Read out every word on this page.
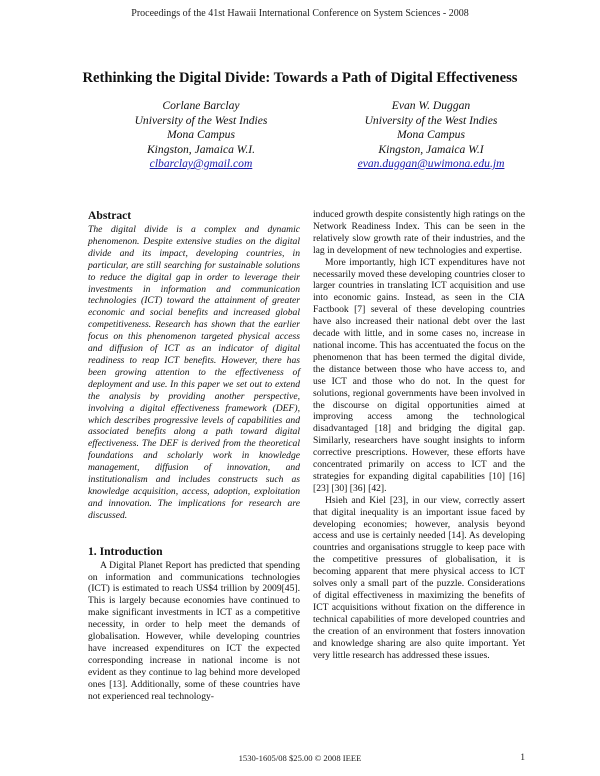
Proceedings of the 41st Hawaii International Conference on System Sciences - 2008
Rethinking the Digital Divide: Towards a Path of Digital Effectiveness
Corlane Barclay
University of the West Indies
Mona Campus
Kingston, Jamaica W.I.
clbarclay@gmail.com
Evan W. Duggan
University of the West Indies
Mona Campus
Kingston, Jamaica W.I
evan.duggan@uwimona.edu.jm
Abstract

The digital divide is a complex and dynamic phenomenon. Despite extensive studies on the digital divide and its impact, developing countries, in particular, are still searching for sustainable solutions to reduce the digital gap in order to leverage their investments in information and communication technologies (ICT) toward the attainment of greater economic and social benefits and increased global competitiveness. Research has shown that the earlier focus on this phenomenon targeted physical access and diffusion of ICT as an indicator of digital readiness to reap ICT benefits. However, there has been growing attention to the effectiveness of deployment and use. In this paper we set out to extend the analysis by providing another perspective, involving a digital effectiveness framework (DEF), which describes progressive levels of capabilities and associated benefits along a path toward digital effectiveness. The DEF is derived from the theoretical foundations and scholarly work in knowledge management, diffusion of innovation, and institutionalism and includes constructs such as knowledge acquisition, access, adoption, exploitation and innovation. The implications for research are discussed.

1. Introduction

A Digital Planet Report has predicted that spending on information and communications technologies (ICT) is estimated to reach US$4 trillion by 2009[45]. This is largely because economies have continued to make significant investments in ICT as a competitive necessity, in order to help meet the demands of globalisation. However, while developing countries have increased expenditures on ICT the expected corresponding increase in national income is not evident as they continue to lag behind more developed ones [13]. Additionally, some of these countries have not experienced real technology-

induced growth despite consistently high ratings on the Network Readiness Index. This can be seen in the relatively slow growth rate of their industries, and the lag in development of new technologies and expertise.

More importantly, high ICT expenditures have not necessarily moved these developing countries closer to larger countries in translating ICT acquisition and use into economic gains. Instead, as seen in the CIA Factbook [7] several of these developing countries have also increased their national debt over the last decade with little, and in some cases no, increase in national income. This has accentuated the focus on the phenomenon that has been termed the digital divide, the distance between those who have access to, and use ICT and those who do not. In the quest for solutions, regional governments have been involved in the discourse on digital opportunities aimed at improving access among the technological disadvantaged [18] and bridging the digital gap. Similarly, researchers have sought insights to inform corrective prescriptions. However, these efforts have concentrated primarily on access to ICT and the strategies for expanding digital capabilities [10] [16] [23] [30] [36] [42].

Hsieh and Kiel [23], in our view, correctly assert that digital inequality is an important issue faced by developing economies; however, analysis beyond access and use is certainly needed [14]. As developing countries and organisations struggle to keep pace with the competitive pressures of globalisation, it is becoming apparent that mere physical access to ICT solves only a small part of the puzzle. Considerations of digital effectiveness in maximizing the benefits of ICT acquisitions without fixation on the difference in technical capabilities of more developed countries and the creation of an environment that fosters innovation and knowledge sharing are also quite important. Yet very little research has addressed these issues.

1530-1605/08 $25.00 © 2008 IEEE	1
